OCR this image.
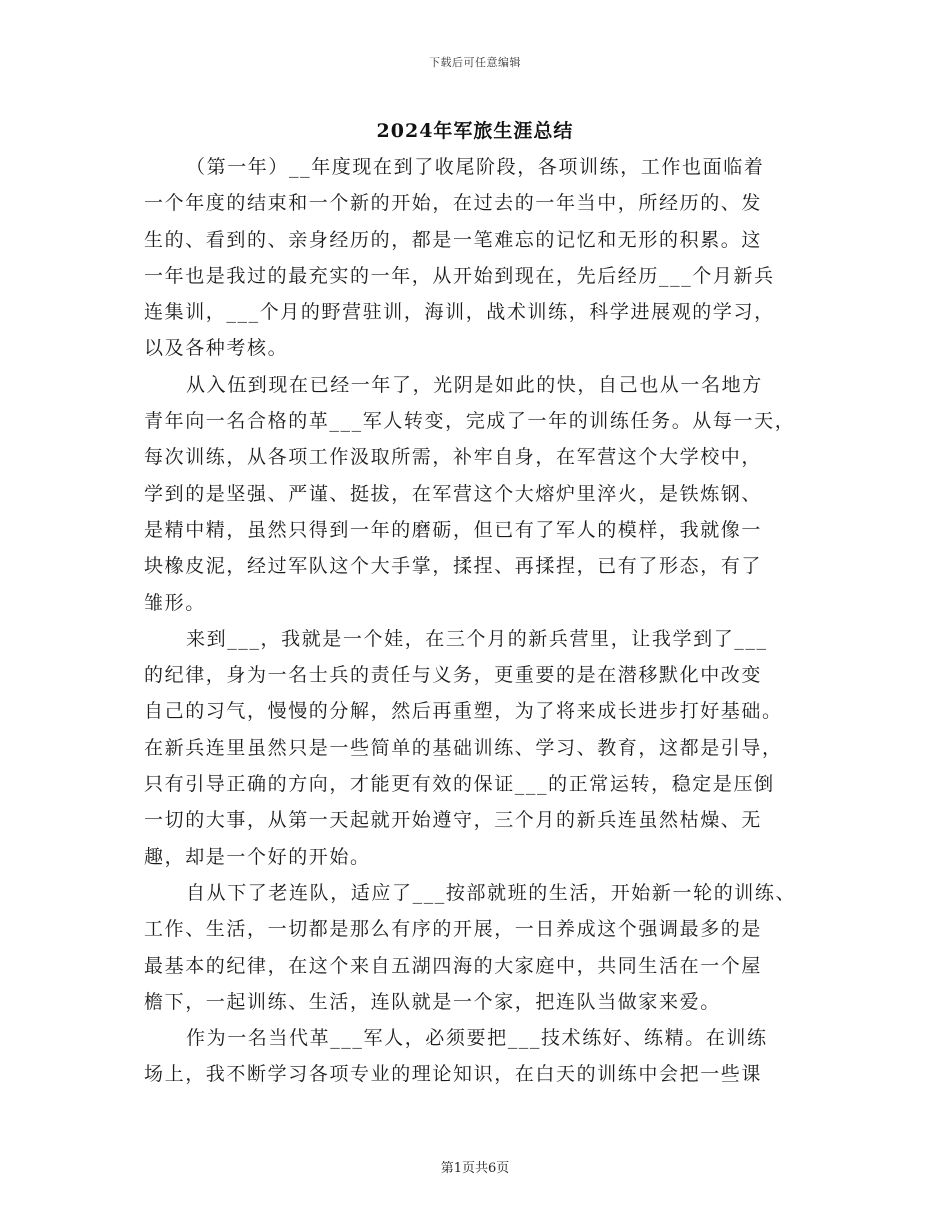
下载后可任意编辑
2024年军旅生涯总结
（第一年）__年度现在到了收尾阶段，各项训练，工作也面临着
一个年度的结束和一个新的开始，在过去的一年当中，所经历的、发
生的、看到的、亲身经历的，都是一笔难忘的记忆和无形的积累。这
一年也是我过的最充实的一年，从开始到现在，先后经历___个月新兵
连集训，___个月的野营驻训，海训，战术训练，科学进展观的学习，
以及各种考核。
从入伍到现在已经一年了，光阴是如此的快，自己也从一名地方
青年向一名合格的革___军人转变，完成了一年的训练任务。从每一天，
每次训练，从各项工作汲取所需，补牢自身，在军营这个大学校中，
学到的是坚强、严谨、挺拔，在军营这个大熔炉里淬火，是铁炼钢、
是精中精，虽然只得到一年的磨砺，但已有了军人的模样，我就像一
块橡皮泥，经过军队这个大手掌，揉捏、再揉捏，已有了形态，有了
雏形。
来到___，我就是一个娃，在三个月的新兵营里，让我学到了___
的纪律，身为一名士兵的责任与义务，更重要的是在潜移默化中改变
自己的习气，慢慢的分解，然后再重塑，为了将来成长进步打好基础。
在新兵连里虽然只是一些简单的基础训练、学习、教育，这都是引导，
只有引导正确的方向，才能更有效的保证___的正常运转，稳定是压倒
一切的大事，从第一天起就开始遵守，三个月的新兵连虽然枯燥、无
趣，却是一个好的开始。
自从下了老连队，适应了___按部就班的生活，开始新一轮的训练、
工作、生活，一切都是那么有序的开展，一日养成这个强调最多的是
最基本的纪律，在这个来自五湖四海的大家庭中，共同生活在一个屋
檐下，一起训练、生活，连队就是一个家，把连队当做家来爱。
作为一名当代革___军人，必须要把___技术练好、练精。在训练
场上，我不断学习各项专业的理论知识，在白天的训练中会把一些课
第1页共6页
